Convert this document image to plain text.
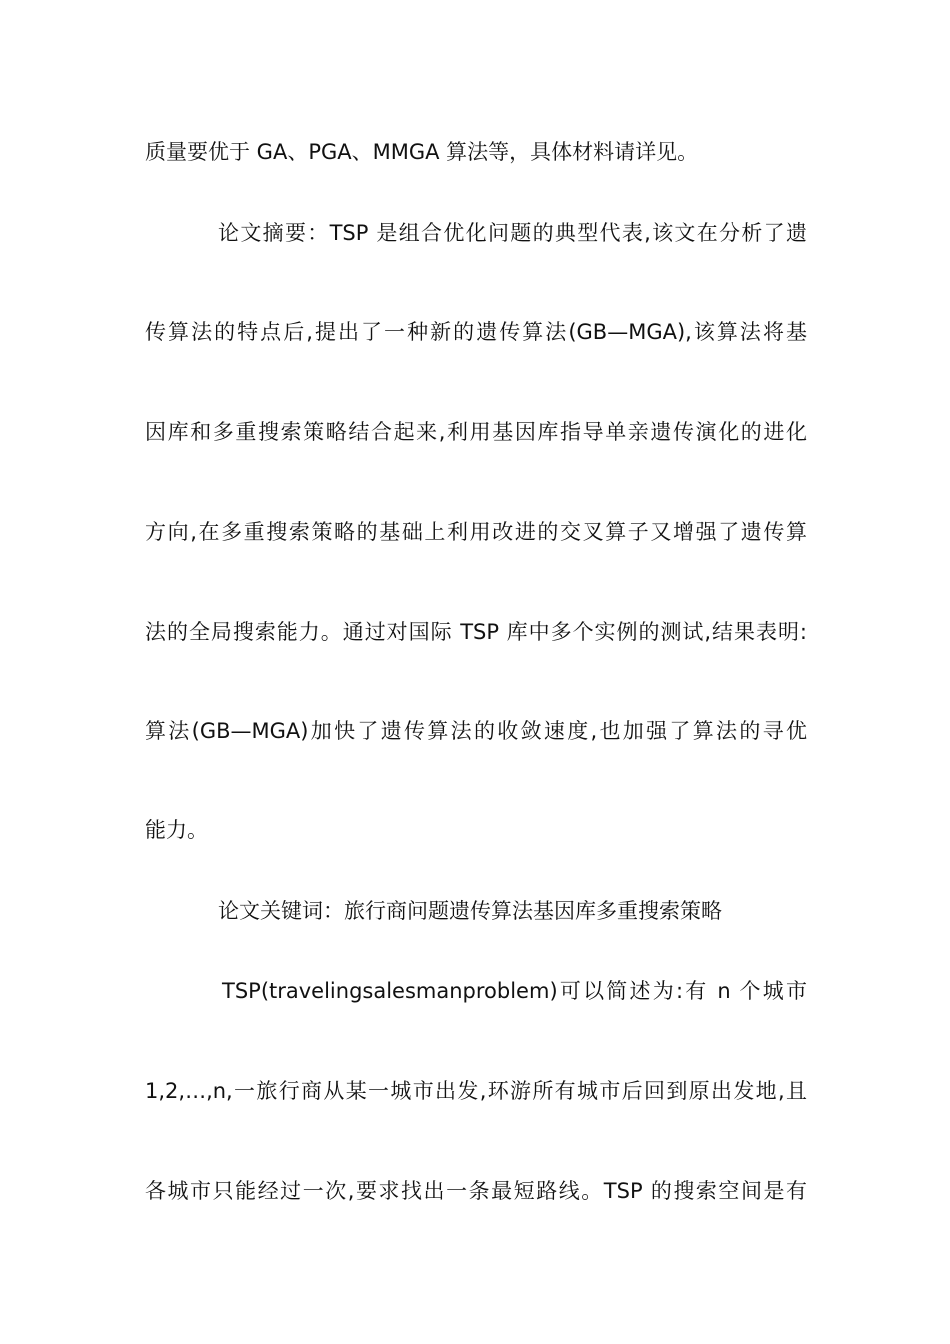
质量要优于 GA、PGA、MMGA 算法等，具体材料请详见。
论文摘要：TSP 是组合优化问题的典型代表,该文在分析了遗
传算法的特点后,提出了一种新的遗传算法(GB—MGA),该算法将基
因库和多重搜索策略结合起来,利用基因库指导单亲遗传演化的进化
方向,在多重搜索策略的基础上利用改进的交叉算子又增强了遗传算
法的全局搜索能力。通过对国际 TSP 库中多个实例的测试,结果表明:
算法(GB—MGA)加快了遗传算法的收敛速度,也加强了算法的寻优
能力。
论文关键词：旅行商问题遗传算法基因库多重搜索策略
TSP(travelingsalesmanproblem)可以简述为:有 n 个城市
1,2,…,n,一旅行商从某一城市出发,环游所有城市后回到原出发地,且
各城市只能经过一次,要求找出一条最短路线。TSP 的搜索空间是有
